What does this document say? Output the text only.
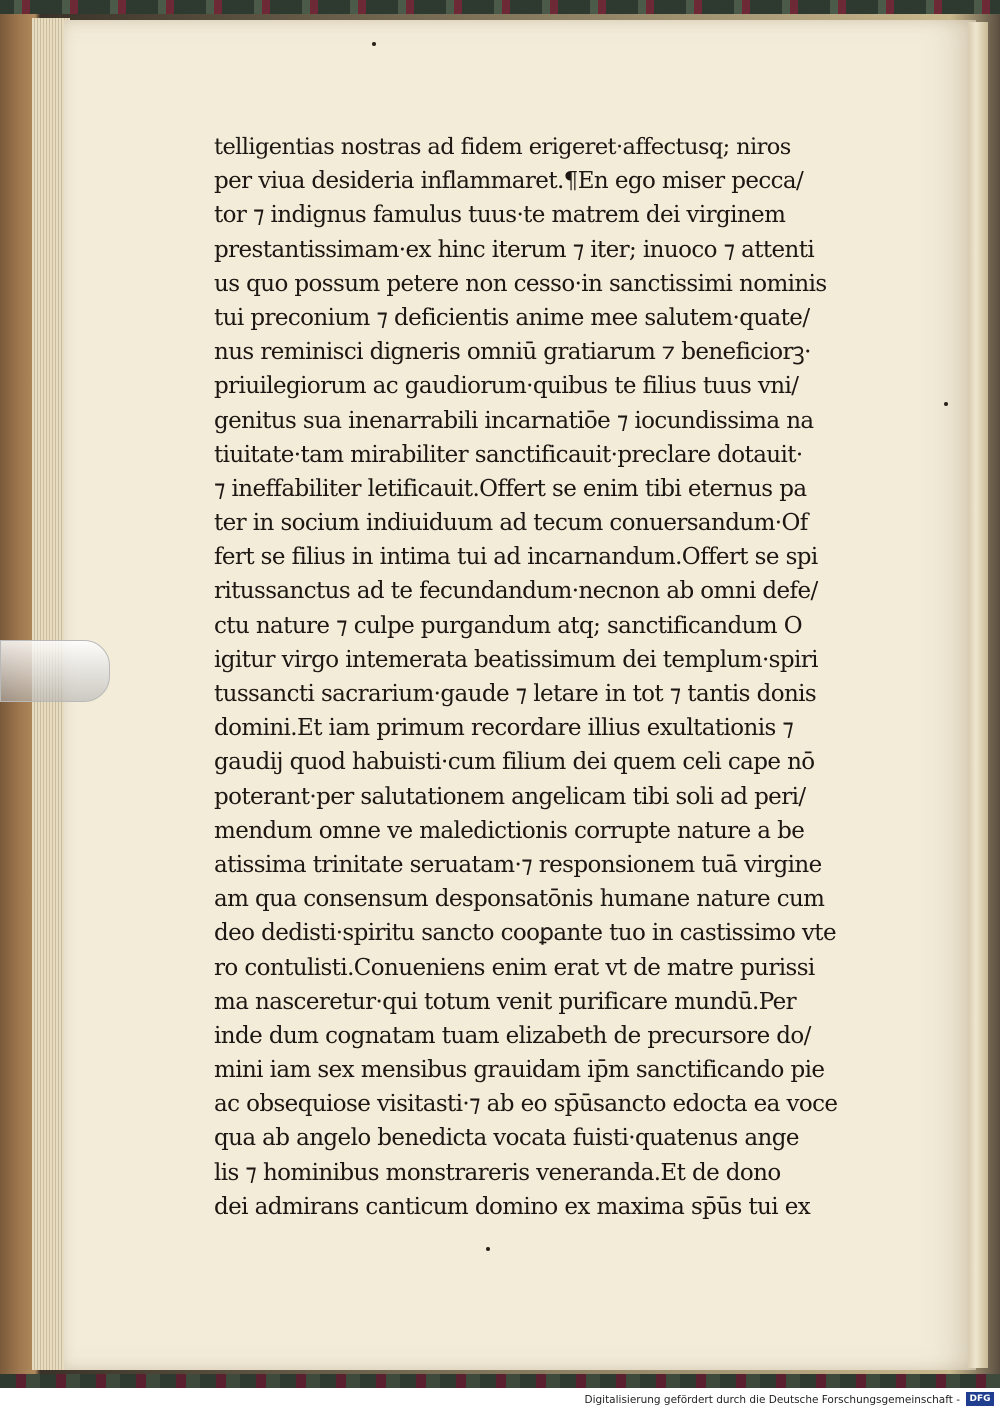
telligentias nostras ad fidem erigeret·affectusq; niros
per viua desideria inflammaret.¶En ego miser pecca/
tor ⁊ indignus famulus tuus·te matrem dei virginem
prestantissimam·ex hinc iterum ⁊ iter; inuoco ⁊ attenti
us quo possum petere non cesso·in sanctissimi nominis
tui preconium ⁊ deficientis anime mee salutem·quate/
nus reminisci digneris omniū gratiarum ⁊ beneficiorꝫ·
priuilegiorum ac gaudiorum·quibus te filius tuus vni/
genitus sua inenarrabili incarnatiōe ⁊ iocundissima na
tiuitate·tam mirabiliter sanctificauit·preclare dotauit·
⁊ ineffabiliter letificauit.Offert se enim tibi eternus pa
ter in socium indiuiduum ad tecum conuersandum·Of
fert se filius in intima tui ad incarnandum.Offert se spi
ritussanctus ad te fecundandum·necnon ab omni defe/
ctu nature ⁊ culpe purgandum atq; sanctificandum O
igitur virgo intemerata beatissimum dei templum·spiri
tussancti sacrarium·gaude ⁊ letare in tot ⁊ tantis donis
domini.Et iam primum recordare illius exultationis ⁊
gaudij quod habuisti·cum filium dei quem celi cape nō
poterant·per salutationem angelicam tibi soli ad peri/
mendum omne ve maledictionis corrupte nature a be
atissima trinitate seruatam·⁊ responsionem tuā virgine
am qua consensum desponsatōnis humane nature cum
deo dedisti·spiritu sancto cooꝑante tuo in castissimo vte
ro contulisti.Conueniens enim erat vt de matre purissi
ma nasceretur·qui totum venit purificare mundū.Per
inde dum cognatam tuam elizabeth de precursore do/
mini iam sex mensibus grauidam ip̄m sanctificando pie
ac obsequiose visitasti·⁊ ab eo sp̄ūsancto edocta ea voce
qua ab angelo benedicta vocata fuisti·quatenus ange
lis ⁊ hominibus monstrareris veneranda.Et de dono
dei admirans canticum domino ex maxima sp̄ūs tui ex
Digitalisierung gefördert durch die Deutsche Forschungsgemeinschaft -	DFG
